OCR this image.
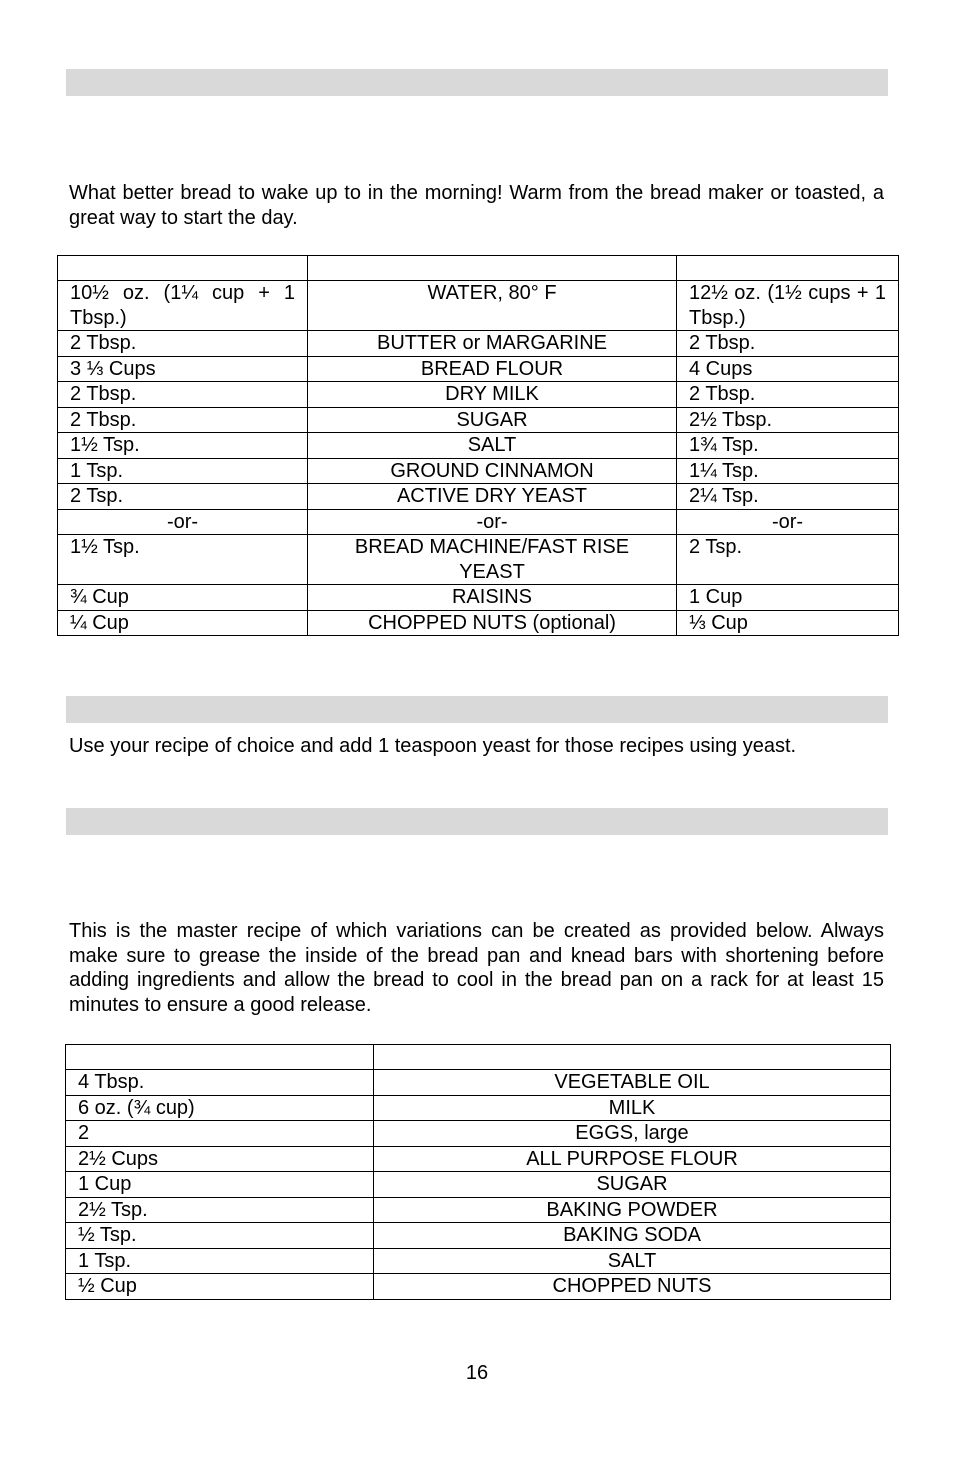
What better bread to wake up to in the morning! Warm from the bread maker or toasted, a great way to start the day.

10½ oz. (1¼ cup + 1 Tbsp.)	WATER, 80° F	12½ oz. (1½ cups + 1 Tbsp.)
2 Tbsp.	BUTTER or MARGARINE	2 Tbsp.
3 ⅓ Cups	BREAD FLOUR	4 Cups
2 Tbsp.	DRY MILK	2 Tbsp.
2 Tbsp.	SUGAR	2½ Tbsp.
1½ Tsp.	SALT	1¾ Tsp.
1 Tsp.	GROUND CINNAMON	1¼ Tsp.
2 Tsp.	ACTIVE DRY YEAST	2¼ Tsp.
-or-	-or-	-or-
1½ Tsp.	BREAD MACHINE/FAST RISE YEAST	2 Tsp.
¾ Cup	RAISINS	1 Cup
¼ Cup	CHOPPED NUTS (optional)	⅓ Cup

Use your recipe of choice and add 1 teaspoon yeast for those recipes using yeast.

This is the master recipe of which variations can be created as provided below. Always make sure to grease the inside of the bread pan and knead bars with shortening before adding ingredients and allow the bread to cool in the bread pan on a rack for at least 15 minutes to ensure a good release.

4 Tbsp.	VEGETABLE OIL
6 oz. (¾ cup)	MILK
2	EGGS, large
2½ Cups	ALL PURPOSE FLOUR
1 Cup	SUGAR
2½ Tsp.	BAKING POWDER
½ Tsp.	BAKING SODA
1 Tsp.	SALT
½ Cup	CHOPPED NUTS
16
